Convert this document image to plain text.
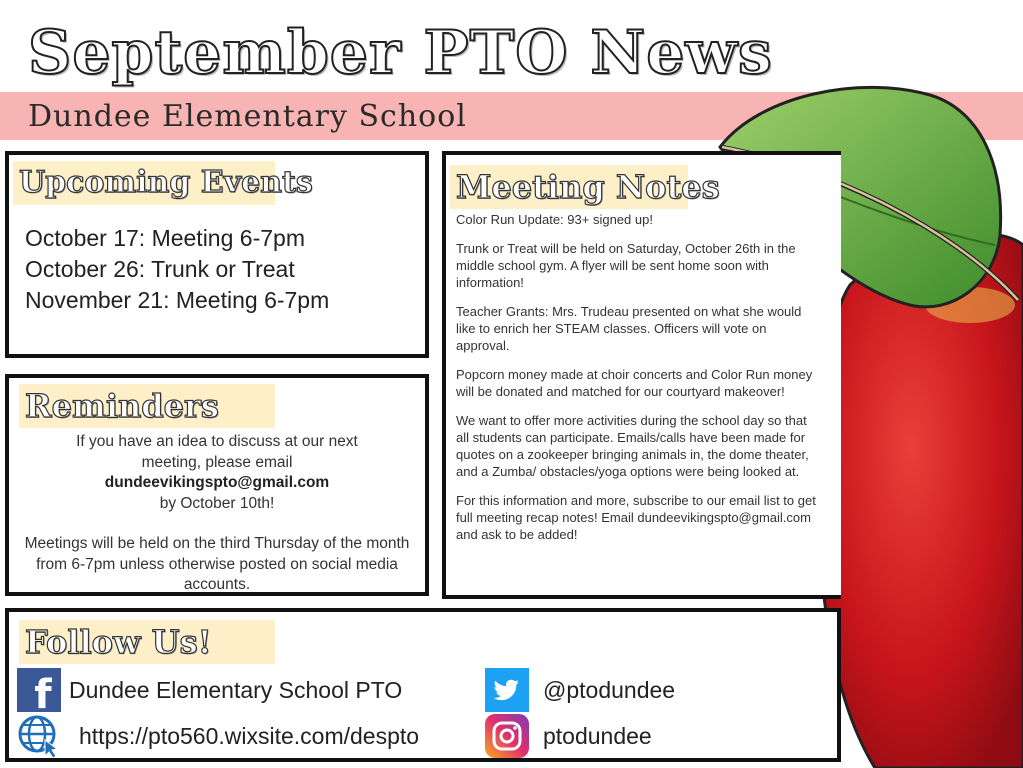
September PTO News
Dundee Elementary School
Upcoming Events
October 17: Meeting 6-7pm
October 26: Trunk or Treat
November 21: Meeting 6-7pm
Reminders
If you have an idea to discuss at our next
meeting, please email
dundeevikingspto@gmail.com
by October 10th!
Meetings will be held on the third Thursday of the month from 6-7pm unless otherwise posted on social media accounts.
Meeting Notes

Color Run Update: 93+ signed up!

Trunk or Treat will be held on Saturday, October 26th in the middle school gym. A flyer will be sent home soon with information!

Teacher Grants: Mrs. Trudeau presented on what she would like to enrich her STEAM classes. Officers will vote on approval.

Popcorn money made at choir concerts and Color Run money will be donated and matched for our courtyard makeover!

We want to offer more activities during the school day so that all students can participate. Emails/calls have been made for quotes on a zookeeper bringing animals in, the dome theater, and a Zumba/ obstacles/yoga options were being looked at.

For this information and more, subscribe to our email list to get full meeting recap notes! Email dundeevikingspto@gmail.com and ask to be added!

Follow Us!
f Dundee Elementary School PTO
https://pto560.wixsite.com/despto
@ptodundee
ptodundee
